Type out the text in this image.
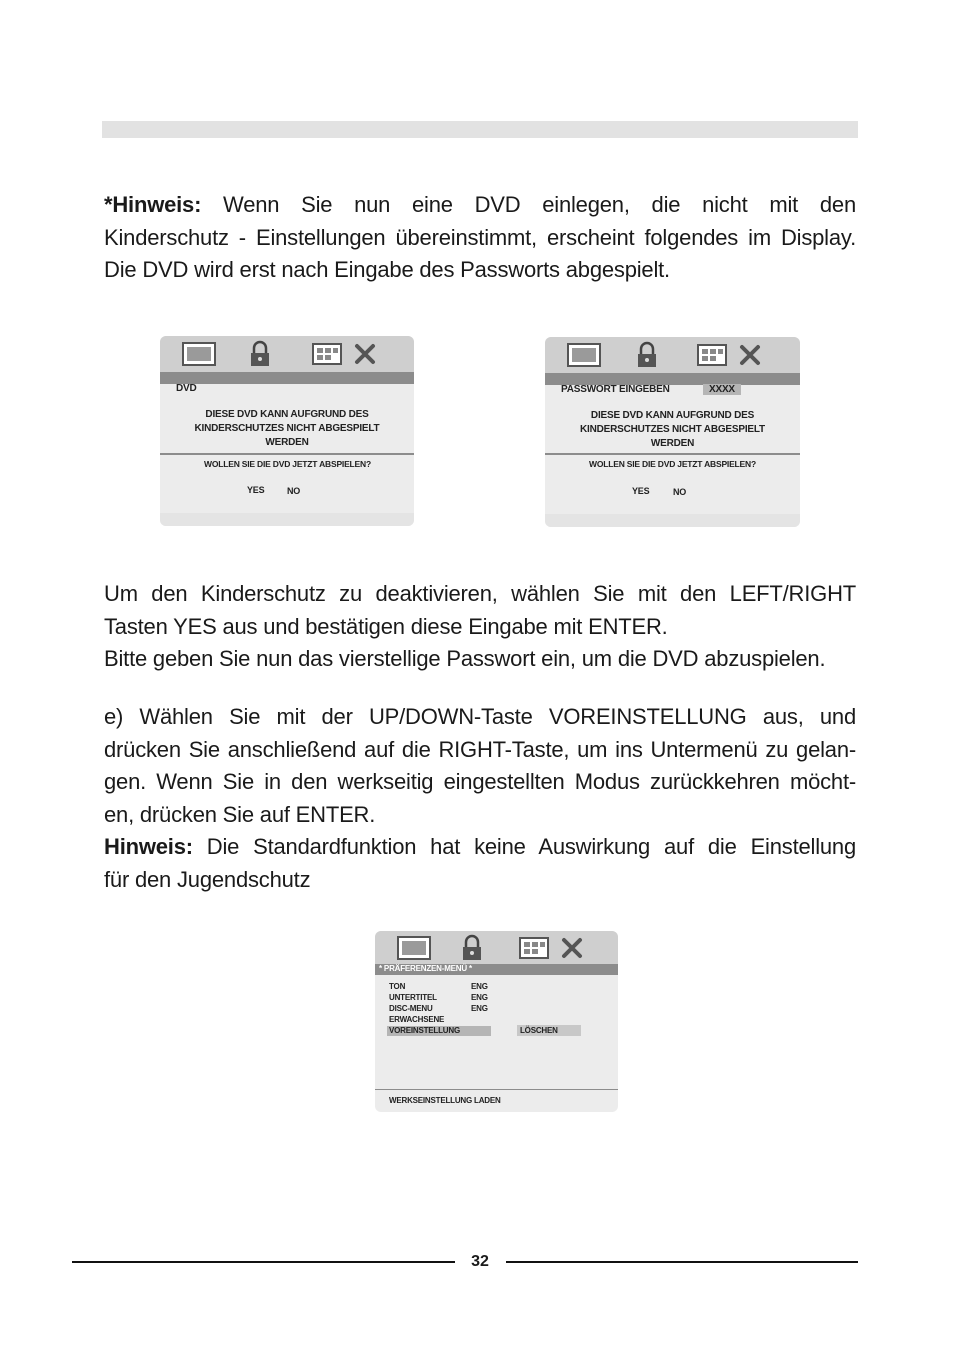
*Hinweis: Wenn Sie nun eine DVD einlegen, die nicht mit den
Kinderschutz - Einstellungen übereinstimmt, erscheint folgendes im Display.
Die DVD wird erst nach Eingabe des Passworts abgespielt.
DVD
DIESE DVD KANN AUFGRUND DES
KINDERSCHUTZES NICHT ABGESPIELT
WERDEN
WOLLEN SIE DIE DVD JETZT ABSPIELEN?
YES	NO
PASSWORT EINGEBEN	XXXX
DIESE DVD KANN AUFGRUND DES
KINDERSCHUTZES NICHT ABGESPIELT
WERDEN
WOLLEN SIE DIE DVD JETZT ABSPIELEN?
YES	NO
Um den Kinderschutz zu deaktivieren, wählen Sie mit den LEFT/RIGHT
Tasten YES aus und bestätigen diese Eingabe mit ENTER.
Bitte geben Sie nun das vierstellige Passwort ein, um die DVD abzuspielen.
e) Wählen Sie mit der UP/DOWN-Taste VOREINSTELLUNG aus, und
drücken Sie anschließend auf die RIGHT-Taste, um ins Untermenü zu gelan-
gen. Wenn Sie in den werkseitig eingestellten Modus zurückkehren möcht-
en, drücken Sie auf ENTER.
Hinweis: Die Standardfunktion hat keine Auswirkung auf die Einstellung
für den Jugendschutz
* PRÄFERENZEN-MENÜ *
TON	ENG
UNTERTITEL	ENG
DISC-MENU	ENG
ERWACHSENE
VOREINSTELLUNG	LÖSCHEN
WERKSEINSTELLUNG LADEN
32
